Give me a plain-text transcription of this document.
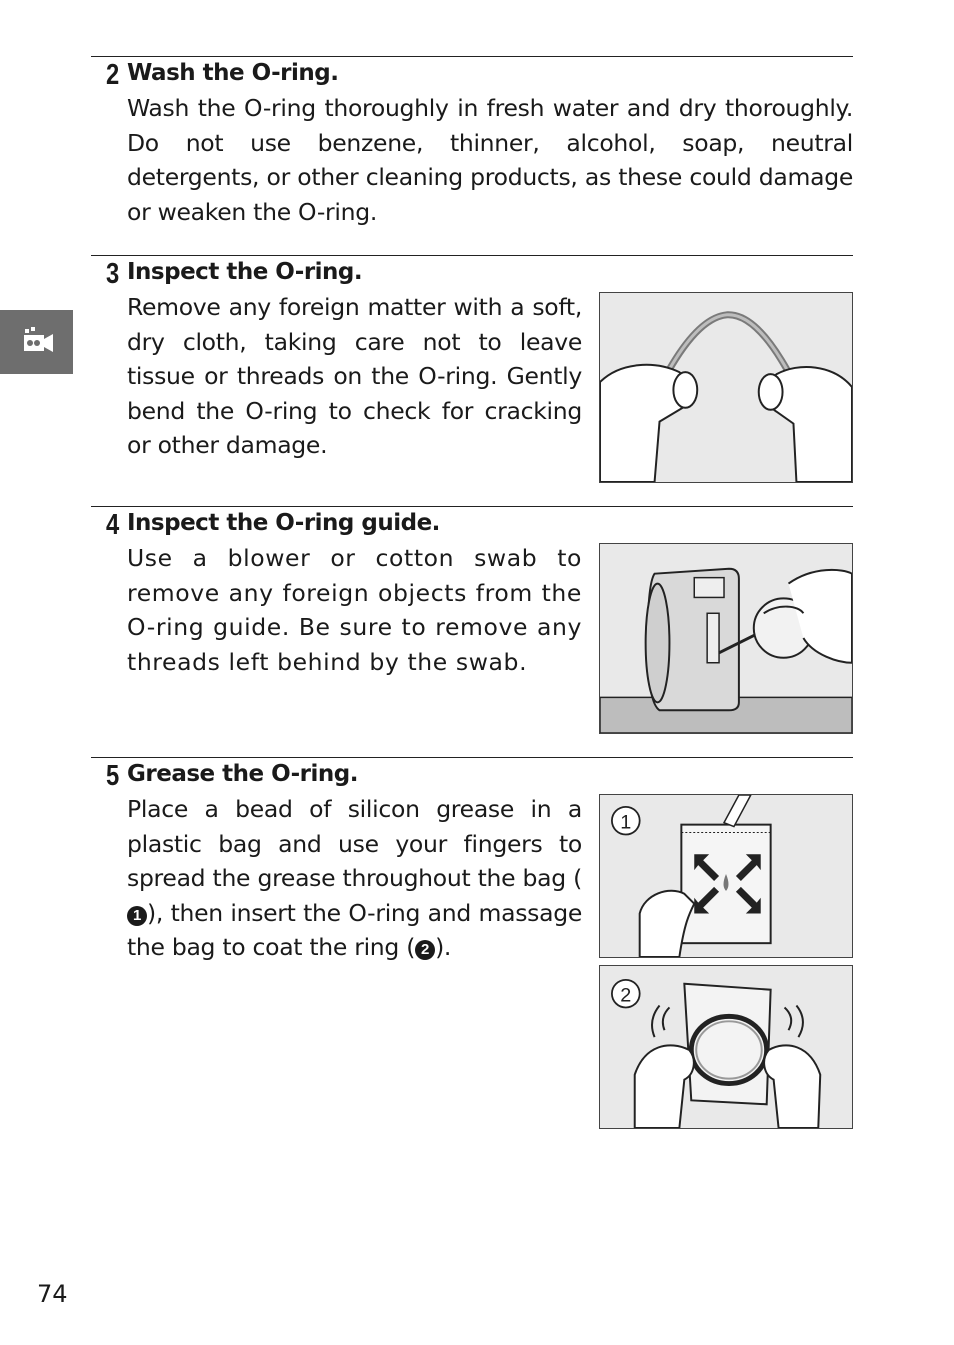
2 Wash the O-ring.
Wash the O-ring thoroughly in fresh water and dry thoroughly. Do not use benzene, thinner, alcohol, soap, neutral detergents, or other cleaning products, as these could damage or weaken the O-ring.
3 Inspect the O-ring.
Remove any foreign matter with a soft, dry cloth, taking care not to leave tissue or threads on the O-ring. Gently bend the O-ring to check for cracking or other damage.
4 Inspect the O-ring guide.
Use a blower or cotton swab to remove any foreign objects from the O-ring guide. Be sure to remove any threads left behind by the swab.
5 Grease the O-ring.
Place a bead of silicon grease in a plastic bag and use your fingers to spread the grease throughout the bag (1 ), then insert the O-ring and massage the bag to coat the ring ( 2 ).
1
2
74
